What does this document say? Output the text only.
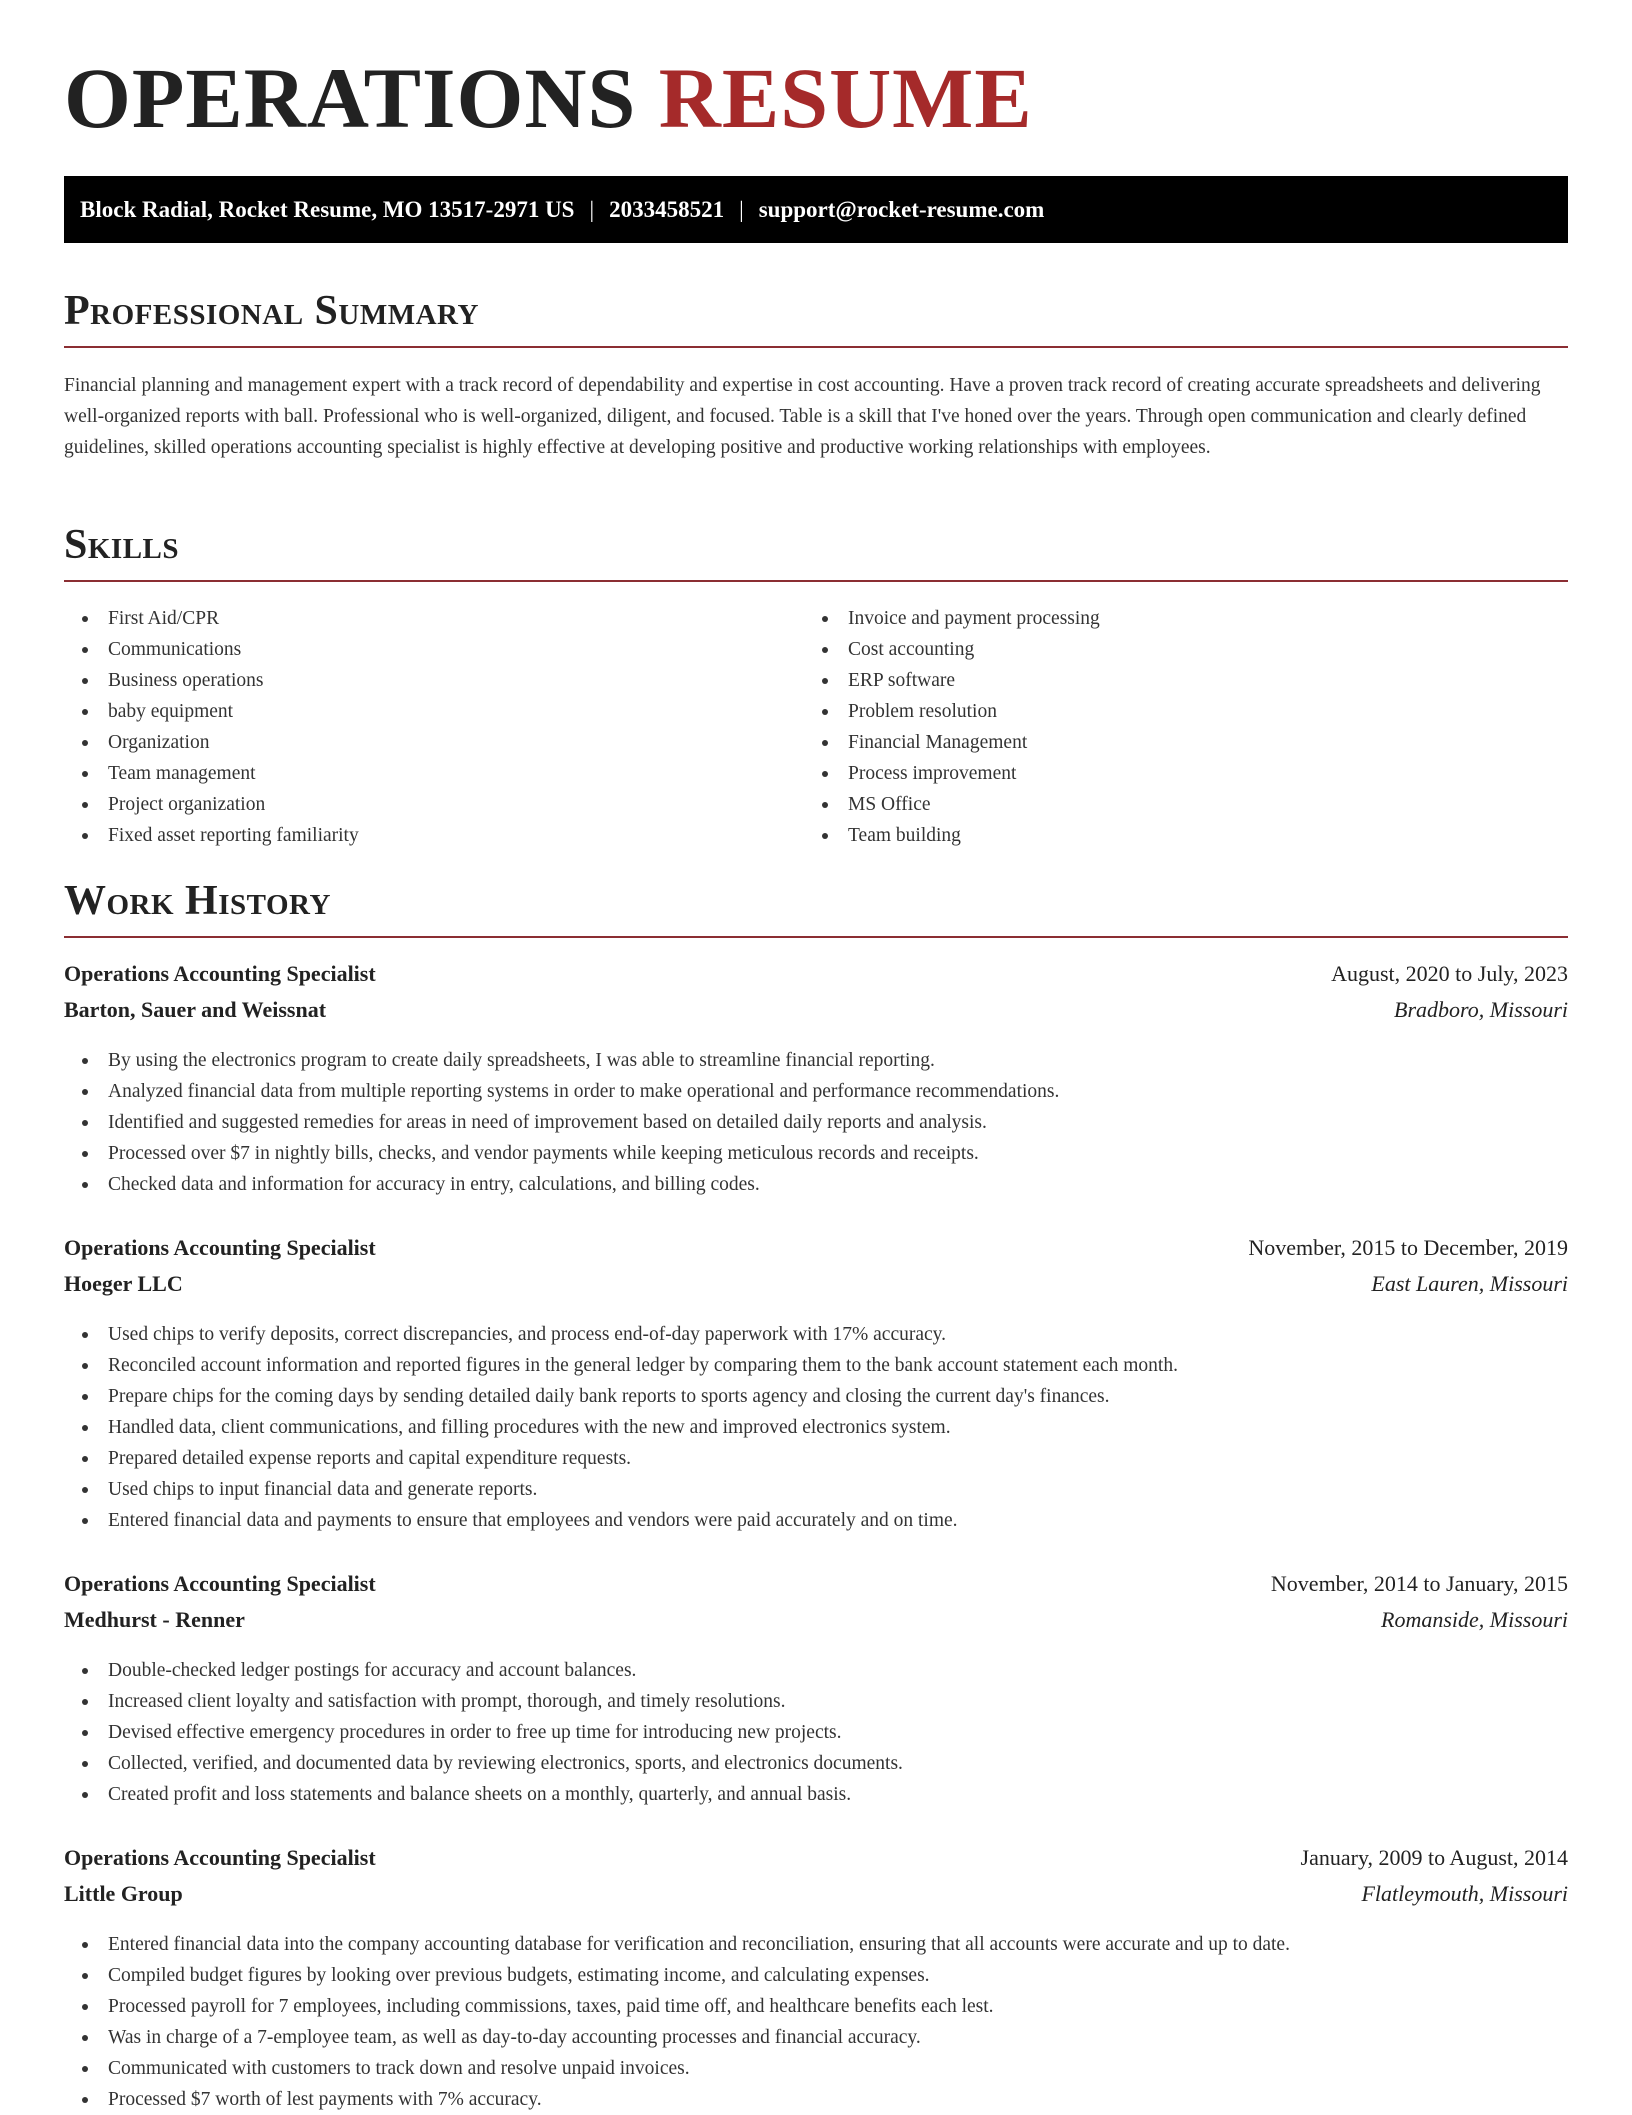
OPERATIONS RESUME
Block Radial, Rocket Resume, MO 13517-2971 US | 2033458521 | support@rocket-resume.com
Professional Summary

Financial planning and management expert with a track record of dependability and expertise in cost accounting. Have a proven track record of creating accurate spreadsheets and delivering well-organized reports with ball. Professional who is well-organized, diligent, and focused. Table is a skill that I've honed over the years. Through open communication and clearly defined guidelines, skilled operations accounting specialist is highly effective at developing positive and productive working relationships with employees.

Skills
First Aid/CPR
Communications
Business operations
baby equipment
Organization
Team management
Project organization
Fixed asset reporting familiarity
Invoice and payment processing
Cost accounting
ERP software
Problem resolution
Financial Management
Process improvement
MS Office
Team building
Work History
Operations Accounting Specialist	August, 2020 to July, 2023
Barton, Sauer and Weissnat	Bradboro, Missouri
By using the electronics program to create daily spreadsheets, I was able to streamline financial reporting.
Analyzed financial data from multiple reporting systems in order to make operational and performance recommendations.
Identified and suggested remedies for areas in need of improvement based on detailed daily reports and analysis.
Processed over $7 in nightly bills, checks, and vendor payments while keeping meticulous records and receipts.
Checked data and information for accuracy in entry, calculations, and billing codes.
Operations Accounting Specialist	November, 2015 to December, 2019
Hoeger LLC	East Lauren, Missouri
Used chips to verify deposits, correct discrepancies, and process end-of-day paperwork with 17% accuracy.
Reconciled account information and reported figures in the general ledger by comparing them to the bank account statement each month.
Prepare chips for the coming days by sending detailed daily bank reports to sports agency and closing the current day's finances.
Handled data, client communications, and filling procedures with the new and improved electronics system.
Prepared detailed expense reports and capital expenditure requests.
Used chips to input financial data and generate reports.
Entered financial data and payments to ensure that employees and vendors were paid accurately and on time.
Operations Accounting Specialist	November, 2014 to January, 2015
Medhurst - Renner	Romanside, Missouri
Double-checked ledger postings for accuracy and account balances.
Increased client loyalty and satisfaction with prompt, thorough, and timely resolutions.
Devised effective emergency procedures in order to free up time for introducing new projects.
Collected, verified, and documented data by reviewing electronics, sports, and electronics documents.
Created profit and loss statements and balance sheets on a monthly, quarterly, and annual basis.
Operations Accounting Specialist	January, 2009 to August, 2014
Little Group	Flatleymouth, Missouri
Entered financial data into the company accounting database for verification and reconciliation, ensuring that all accounts were accurate and up to date.
Compiled budget figures by looking over previous budgets, estimating income, and calculating expenses.
Processed payroll for 7 employees, including commissions, taxes, paid time off, and healthcare benefits each lest.
Was in charge of a 7-employee team, as well as day-to-day accounting processes and financial accuracy.
Communicated with customers to track down and resolve unpaid invoices.
Processed $7 worth of lest payments with 7% accuracy.
